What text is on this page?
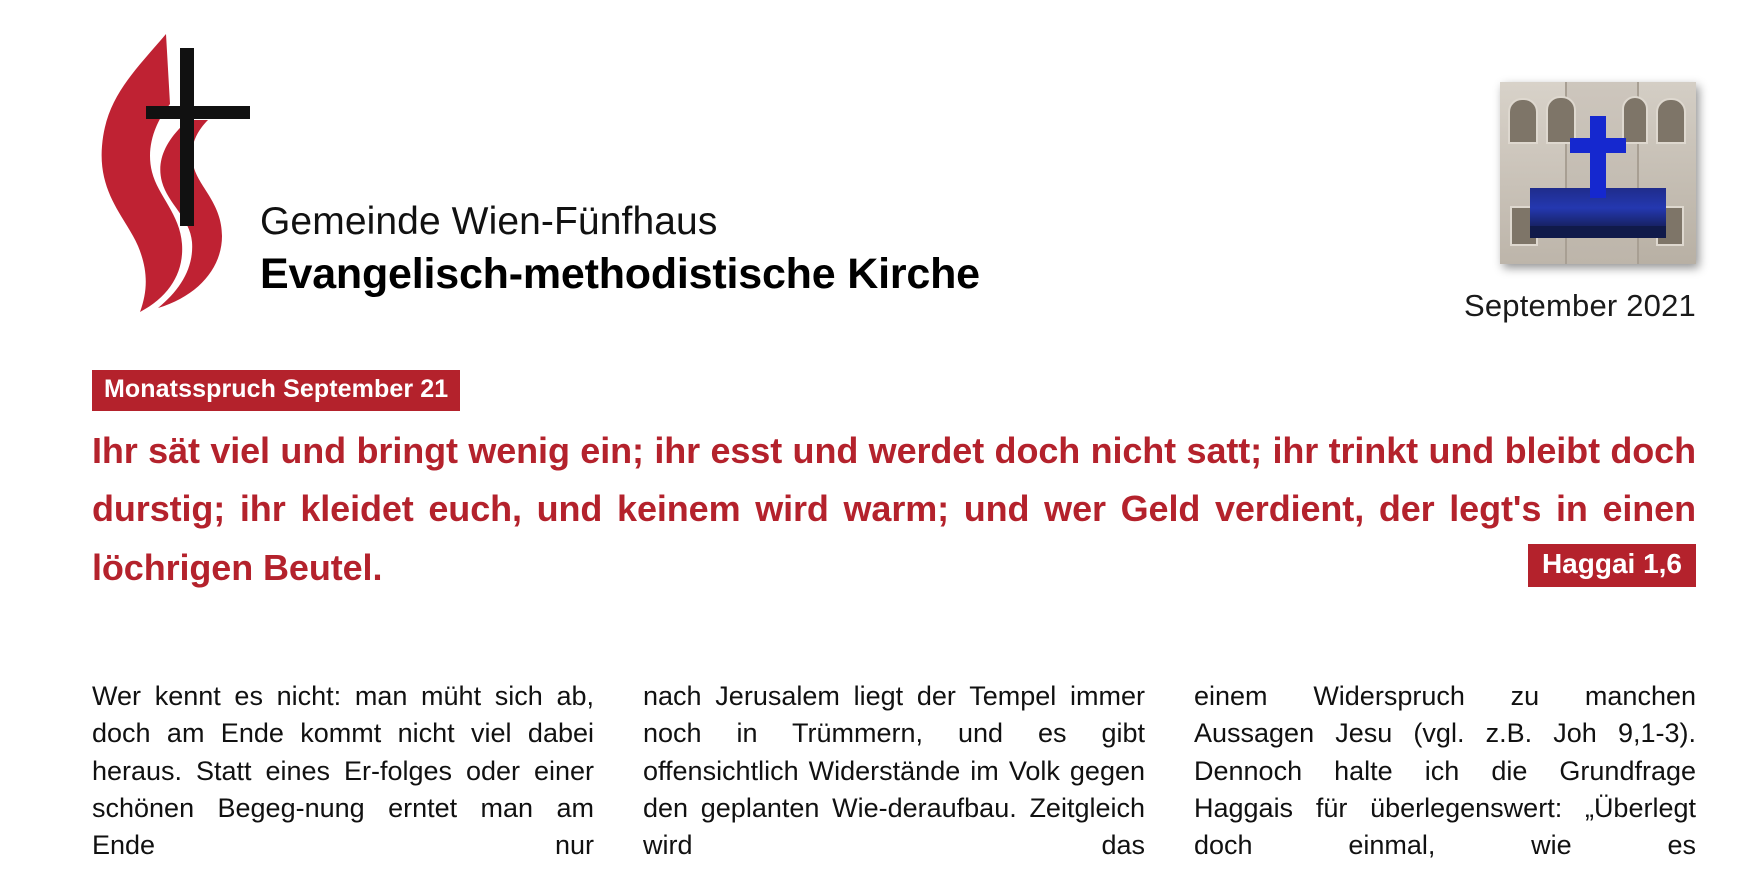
Gemeinde Wien-Fünfhaus
Evangelisch-methodistische Kirche
September 2021
Monatsspruch September 21
Ihr sät viel und bringt wenig ein; ihr esst und werdet doch nicht satt; ihr trinkt und bleibt doch durstig; ihr kleidet euch, und keinem wird warm; und wer Geld verdient, der legt's in einen löchrigen Beutel.	Haggai 1,6

Wer kennt es nicht: man müht sich ab, doch am Ende kommt nicht viel dabei heraus. Statt eines Er-folges oder einer schönen Begeg-nung erntet man am Ende nur

nach Jerusalem liegt der Tempel immer noch in Trümmern, und es gibt offensichtlich Widerstände im Volk gegen den geplanten Wie-deraufbau. Zeitgleich wird das

einem Widerspruch zu manchen Aussagen Jesu (vgl. z.B. Joh 9,1-3). Dennoch halte ich die Grundfrage Haggais für überlegenswert: „Überlegt doch einmal, wie es
